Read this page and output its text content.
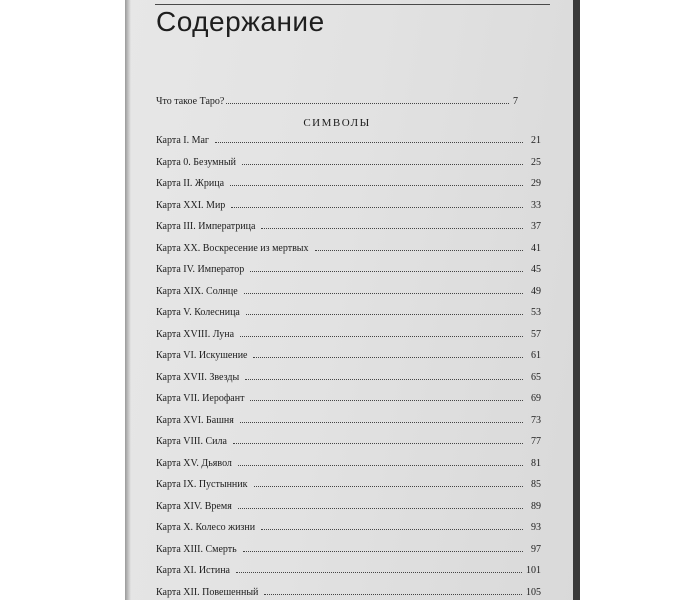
Содержание
Что такое Таро?	7
СИМВОЛЫ
Карта I. Маг	21
Карта 0. Безумный	25
Карта II. Жрица	29
Карта XXI. Мир	33
Карта III. Императрица	37
Карта XX. Воскресение из мертвых	41
Карта IV. Император	45
Карта XIX. Солнце	49
Карта V. Колесница	53
Карта XVIII. Луна	57
Карта VI. Искушение	61
Карта XVII. Звезды	65
Карта VII. Иерофант	69
Карта XVI. Башня	73
Карта VIII. Сила	77
Карта XV. Дьявол	81
Карта IX. Пустынник	85
Карта XIV. Время	89
Карта X. Колесо жизни	93
Карта XIII. Смерть	97
Карта XI. Истина	101
Карта XII. Повешенный	105
